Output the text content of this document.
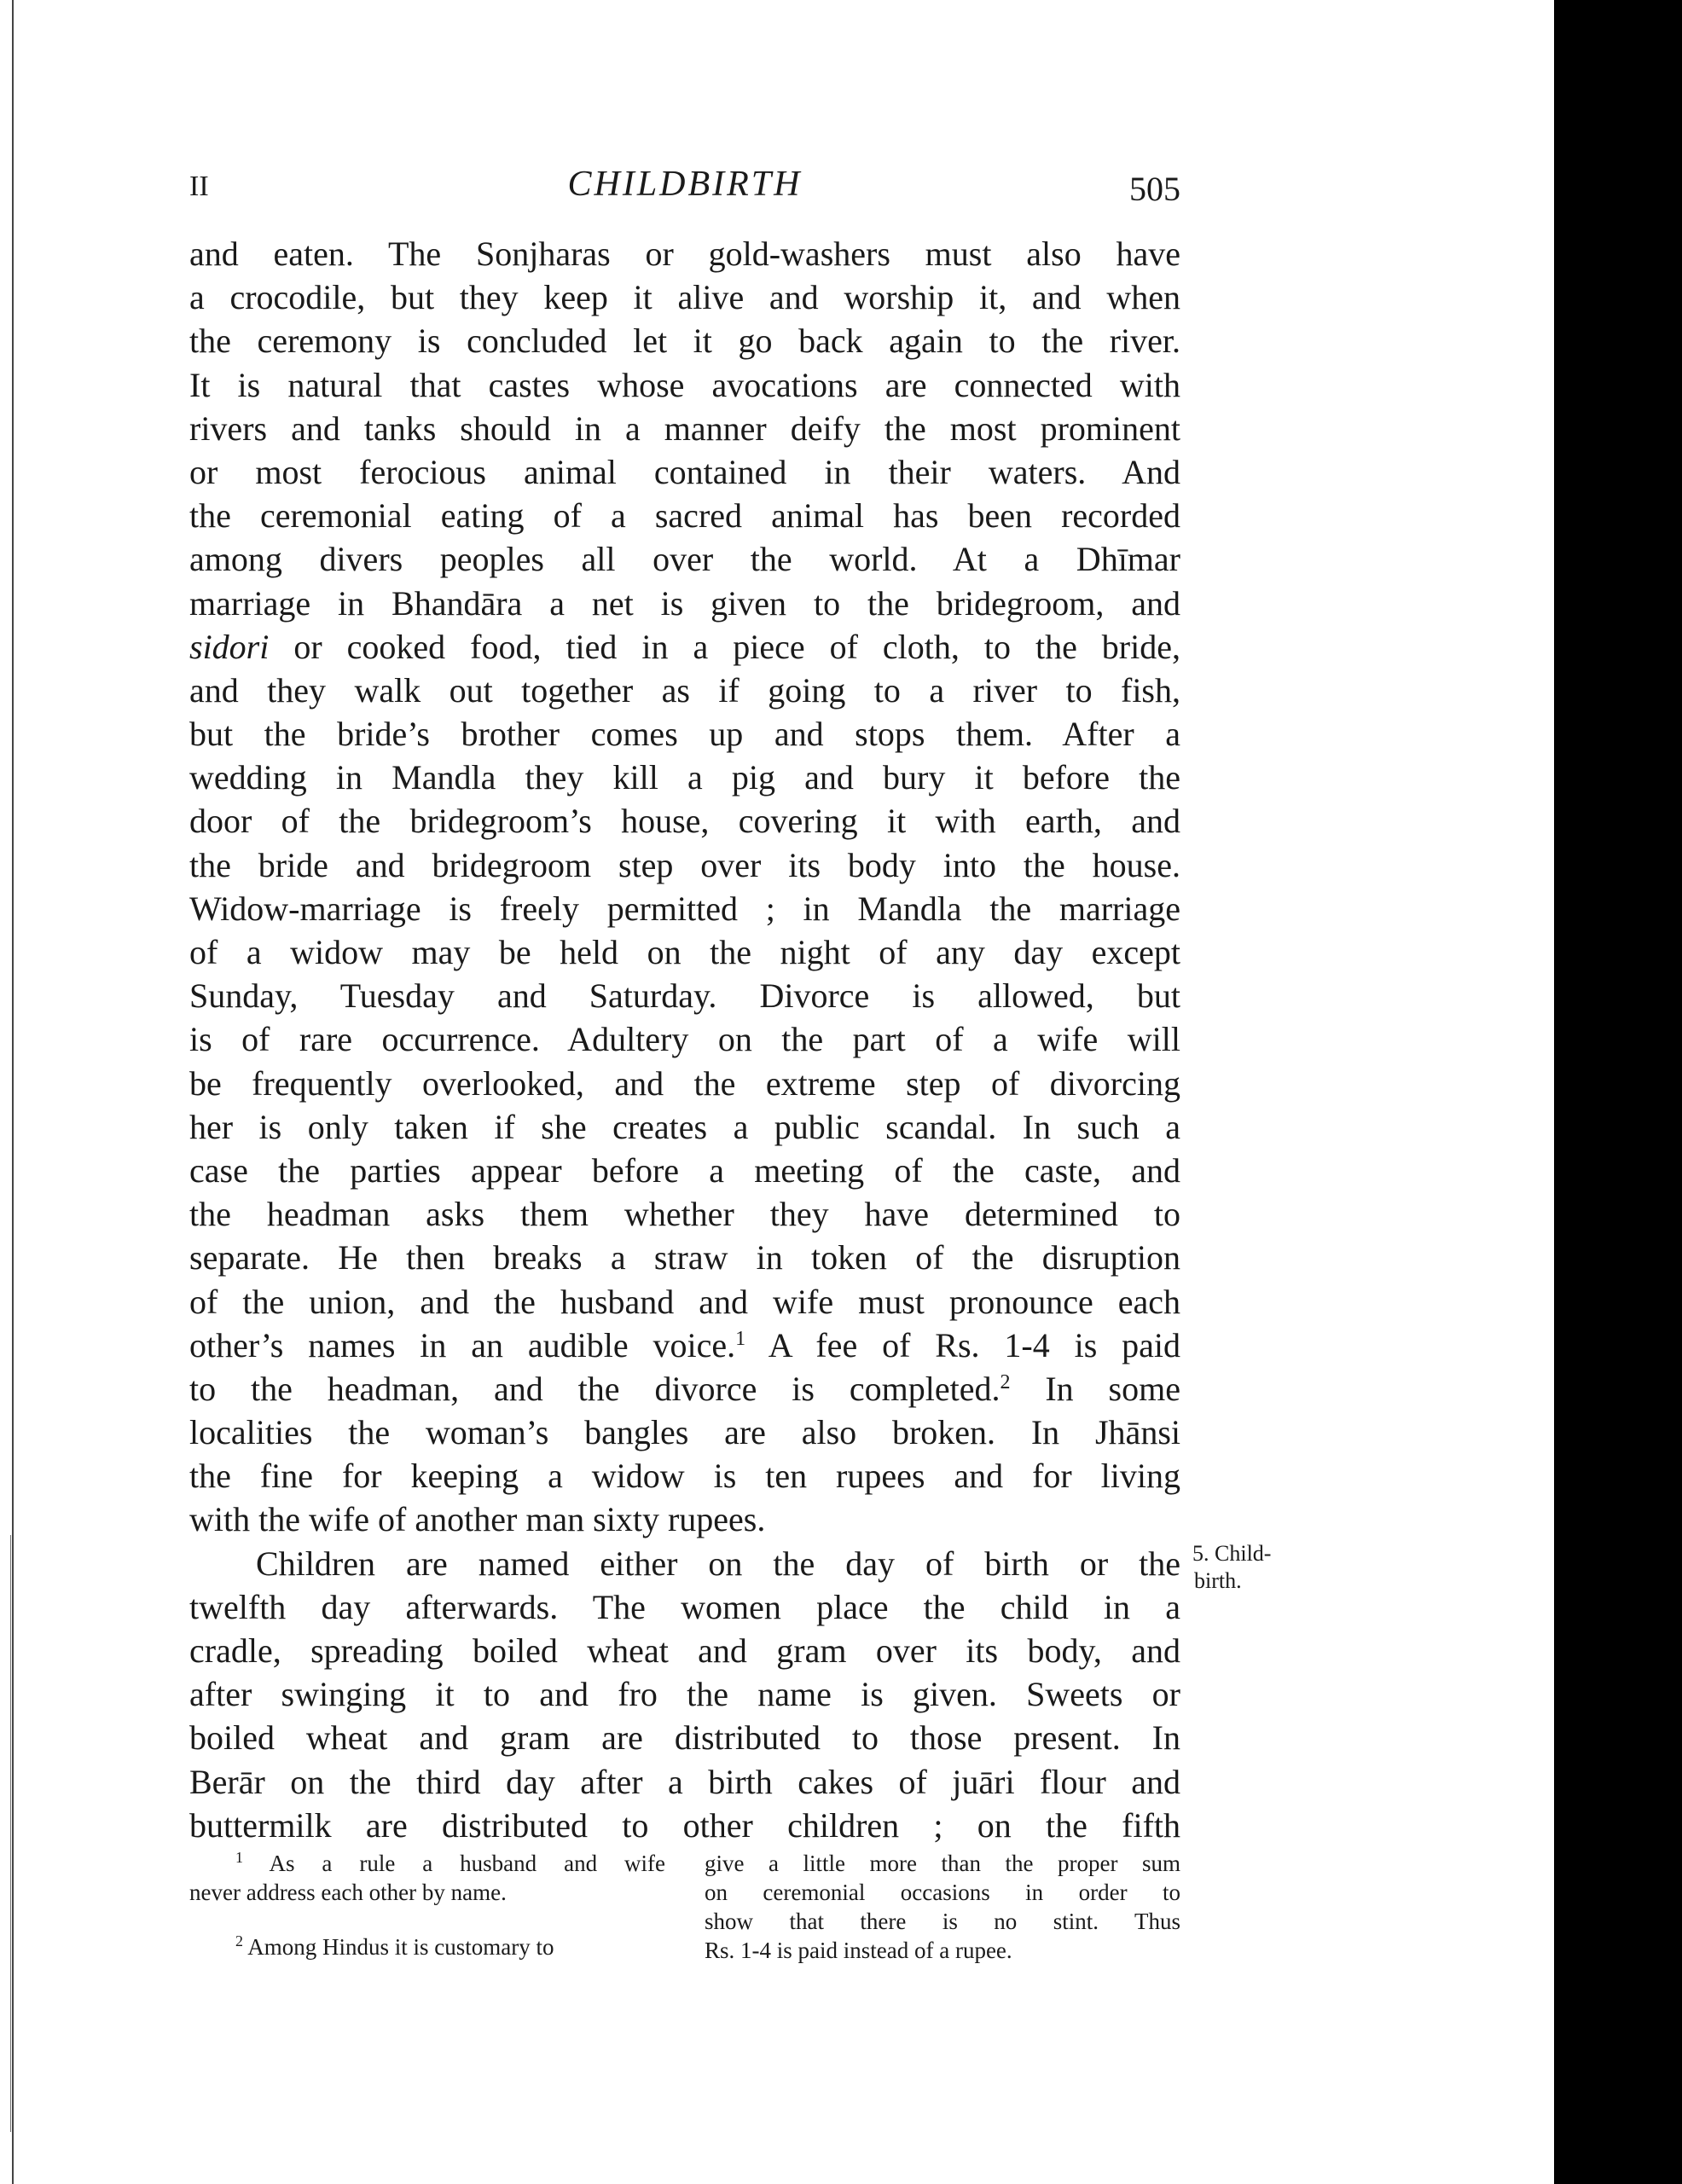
II	CHILDBIRTH	505
and eaten. The Sonjharas or gold-washers must also have
a crocodile, but they keep it alive and worship it, and when
the ceremony is concluded let it go back again to the river.
It is natural that castes whose avocations are connected with
rivers and tanks should in a manner deify the most prominent
or most ferocious animal contained in their waters. And
the ceremonial eating of a sacred animal has been recorded
among divers peoples all over the world. At a Dhīmar
marriage in Bhandāra a net is given to the bridegroom, and
sidori or cooked food, tied in a piece of cloth, to the bride,
and they walk out together as if going to a river to fish,
but the bride’s brother comes up and stops them. After a
wedding in Mandla they kill a pig and bury it before the
door of the bridegroom’s house, covering it with earth, and
the bride and bridegroom step over its body into the house.
Widow-marriage is freely permitted ; in Mandla the marriage
of a widow may be held on the night of any day except
Sunday, Tuesday and Saturday. Divorce is allowed, but
is of rare occurrence. Adultery on the part of a wife will
be frequently overlooked, and the extreme step of divorcing
her is only taken if she creates a public scandal. In such a
case the parties appear before a meeting of the caste, and
the headman asks them whether they have determined to
separate. He then breaks a straw in token of the disruption
of the union, and the husband and wife must pronounce each
other’s names in an audible voice.$^1$ A fee of Rs. 1-4 is paid
to the headman, and the divorce is completed.$^2$ In some
localities the woman’s bangles are also broken. In Jhānsi
the fine for keeping a widow is ten rupees and for living
with the wife of another man sixty rupees.
Children are named either on the day of birth or the
twelfth day afterwards. The women place the child in a
cradle, spreading boiled wheat and gram over its body, and
after swinging it to and fro the name is given. Sweets or
boiled wheat and gram are distributed to those present. In
Berār on the third day after a birth cakes of juāri flour and
buttermilk are distributed to other children ; on the fifth
5. Child-
birth.
$^1$ As a rule a husband and wife
never address each other by name.
$^2$ Among Hindus it is customary to
give a little more than the proper sum
on ceremonial occasions in order to
show that there is no stint. Thus
Rs. 1-4 is paid instead of a rupee.
